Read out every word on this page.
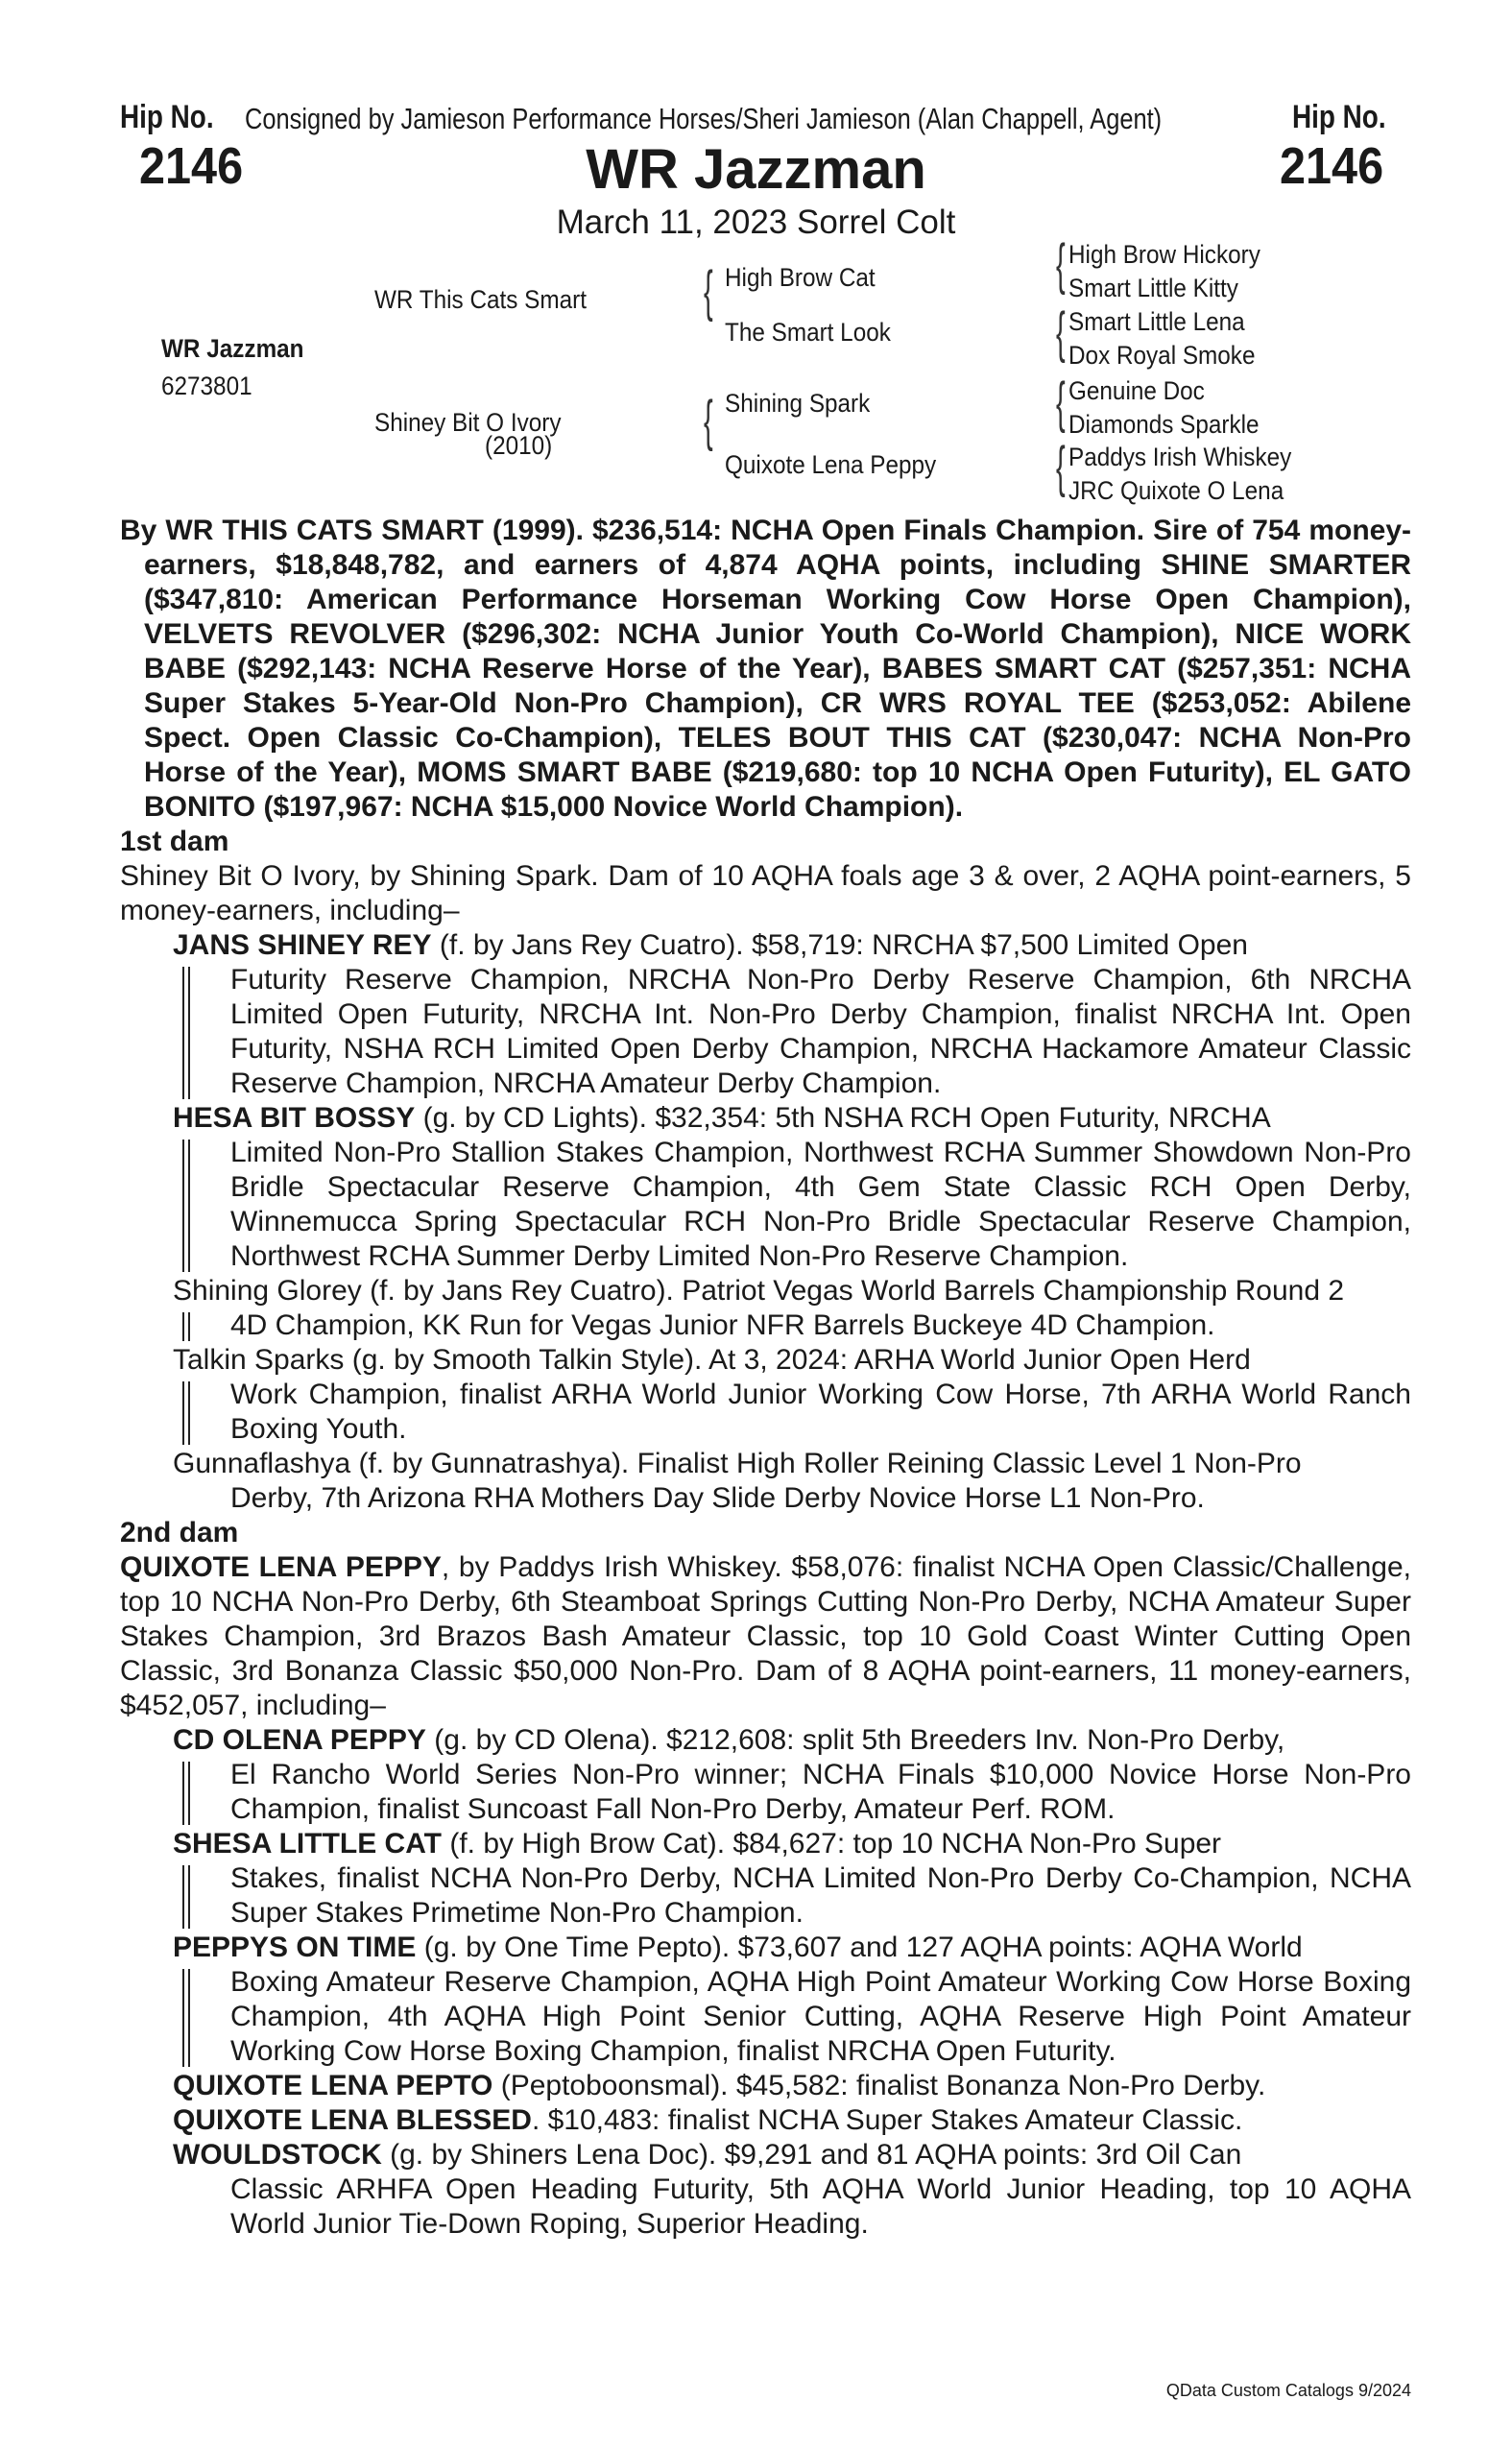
Hip No. Consigned by Jamieson Performance Horses/Sheri Jamieson (Alan Chappell, Agent)	Hip No.
2146	2146
WR Jazzman
March 11, 2023 Sorrel Colt
WR Jazzman
6273801
WR This Cats Smart
Shiney Bit O Ivory
(2010)
{ High Brow Cat
The Smart Look
{ Shining Spark
Quixote Lena Peppy
{ High Brow Hickory
Smart Little Kitty
{ Smart Little Lena
Dox Royal Smoke
{ Genuine Doc
Diamonds Sparkle
{ Paddys Irish Whiskey
JRC Quixote O Lena

By WR THIS CATS SMART (1999). $236,514: NCHA Open Finals Champion. Sire of 754 money-earners, $18,848,782, and earners of 4,874 AQHA points, including SHINE SMARTER ($347,810: American Performance Horseman Working Cow Horse Open Champion), VELVETS REVOLVER ($296,302: NCHA Junior Youth Co-World Champion), NICE WORK BABE ($292,143: NCHA Reserve Horse of the Year), BABES SMART CAT ($257,351: NCHA Super Stakes 5-Year-Old Non-Pro Champion), CR WRS ROYAL TEE ($253,052: Abilene Spect. Open Classic Co-Champion), TELES BOUT THIS CAT ($230,047: NCHA Non-Pro Horse of the Year), MOMS SMART BABE ($219,680: top 10 NCHA Open Futurity), EL GATO BONITO ($197,967: NCHA $15,000 Novice World Champion).

1st dam

Shiney Bit O Ivory, by Shining Spark. Dam of 10 AQHA foals age 3 & over, 2 AQHA point-earners, 5 money-earners, including–

JANS SHINEY REY (f. by Jans Rey Cuatro). $58,719: NRCHA $7,500 Limited Open

Futurity Reserve Champion, NRCHA Non-Pro Derby Reserve Champion, 6th NRCHA Limited Open Futurity, NRCHA Int. Non-Pro Derby Champion, finalist NRCHA Int. Open Futurity, NSHA RCH Limited Open Derby Champion, NRCHA Hackamore Amateur Classic Reserve Champion, NRCHA Amateur Derby Champion.

HESA BIT BOSSY (g. by CD Lights). $32,354: 5th NSHA RCH Open Futurity, NRCHA

Limited Non-Pro Stallion Stakes Champion, Northwest RCHA Summer Showdown Non-Pro Bridle Spectacular Reserve Champion, 4th Gem State Classic RCH Open Derby, Winnemucca Spring Spectacular RCH Non-Pro Bridle Spectacular Reserve Champion, Northwest RCHA Summer Derby Limited Non-Pro Reserve Champion.

Shining Glorey (f. by Jans Rey Cuatro). Patriot Vegas World Barrels Championship Round 2

4D Champion, KK Run for Vegas Junior NFR Barrels Buckeye 4D Champion.

Talkin Sparks (g. by Smooth Talkin Style). At 3, 2024: ARHA World Junior Open Herd

Work Champion, finalist ARHA World Junior Working Cow Horse, 7th ARHA World Ranch Boxing Youth.

Gunnaflashya (f. by Gunnatrashya). Finalist High Roller Reining Classic Level 1 Non-Pro

Derby, 7th Arizona RHA Mothers Day Slide Derby Novice Horse L1 Non-Pro.

2nd dam

QUIXOTE LENA PEPPY, by Paddys Irish Whiskey. $58,076: finalist NCHA Open Classic/Challenge, top 10 NCHA Non-Pro Derby, 6th Steamboat Springs Cutting Non-Pro Derby, NCHA Amateur Super Stakes Champion, 3rd Brazos Bash Amateur Classic, top 10 Gold Coast Winter Cutting Open Classic, 3rd Bonanza Classic $50,000 Non-Pro. Dam of 8 AQHA point-earners, 11 money-earners, $452,057, including–

CD OLENA PEPPY (g. by CD Olena). $212,608: split 5th Breeders Inv. Non-Pro Derby,

El Rancho World Series Non-Pro winner; NCHA Finals $10,000 Novice Horse Non-Pro Champion, finalist Suncoast Fall Non-Pro Derby, Amateur Perf. ROM.

SHESA LITTLE CAT (f. by High Brow Cat). $84,627: top 10 NCHA Non-Pro Super

Stakes, finalist NCHA Non-Pro Derby, NCHA Limited Non-Pro Derby Co-Champion, NCHA Super Stakes Primetime Non-Pro Champion.

PEPPYS ON TIME (g. by One Time Pepto). $73,607 and 127 AQHA points: AQHA World

Boxing Amateur Reserve Champion, AQHA High Point Amateur Working Cow Horse Boxing Champion, 4th AQHA High Point Senior Cutting, AQHA Reserve High Point Amateur Working Cow Horse Boxing Champion, finalist NRCHA Open Futurity.

QUIXOTE LENA PEPTO (Peptoboonsmal). $45,582: finalist Bonanza Non-Pro Derby.

QUIXOTE LENA BLESSED. $10,483: finalist NCHA Super Stakes Amateur Classic.

WOULDSTOCK (g. by Shiners Lena Doc). $9,291 and 81 AQHA points: 3rd Oil Can

Classic ARHFA Open Heading Futurity, 5th AQHA World Junior Heading, top 10 AQHA World Junior Tie-Down Roping, Superior Heading.

QData Custom Catalogs 9/2024
